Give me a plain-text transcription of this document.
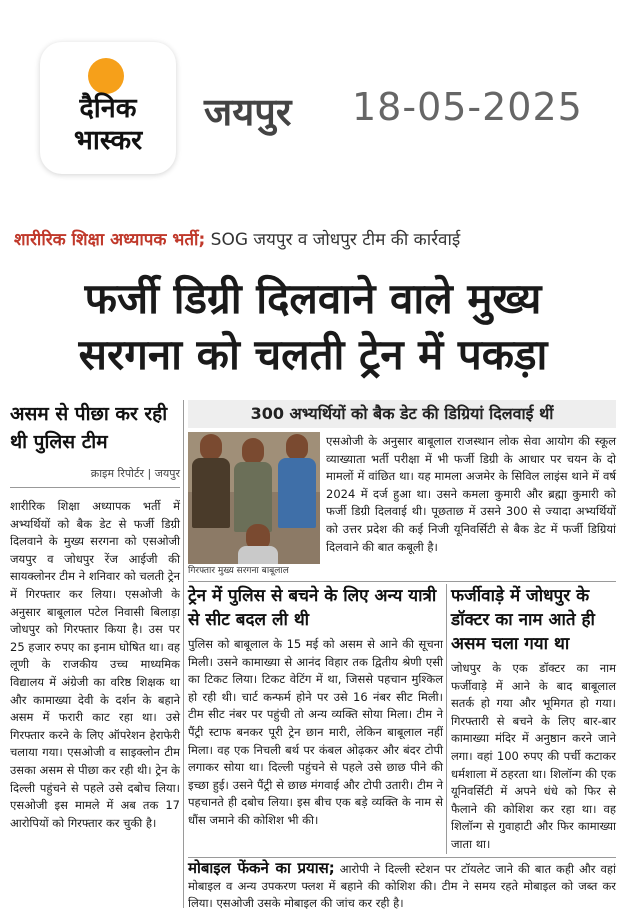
दैनिक
भास्कर
जयपुर 18-05-2025
शारीरिक शिक्षा अध्यापक भर्ती; SOG जयपुर व जोधपुर टीम की कार्रवाई
फर्जी डिग्री दिलवाने वाले मुख्य
सरगना को चलती ट्रेन में पकड़ा
असम से पीछा कर रही थी पुलिस टीम
क्राइम रिपोर्टर | जयपुर
शारीरिक शिक्षा अध्यापक भर्ती में अभ्यर्थियों को बैक डेट से फर्जी डिग्री दिलवाने के मुख्य सरगना को एसओजी जयपुर व जोधपुर रेंज आईजी की सायक्लोनर टीम ने शनिवार को चलती ट्रेन में गिरफ्तार कर लिया। एसओजी के अनुसार बाबूलाल पटेल निवासी बिलाड़ा जोधपुर को गिरफ्तार किया है। उस पर 25 हजार रुपए का इनाम घोषित था। वह लूणी के राजकीय उच्च माध्यमिक विद्यालय में अंग्रेजी का वरिष्ठ शिक्षक था और कामाख्या देवी के दर्शन के बहाने असम में फरारी काट रहा था। उसे गिरफ्तार करने के लिए ऑपरेशन हेराफेरी चलाया गया। एसओजी व साइक्लोन टीम उसका असम से पीछा कर रही थी। ट्रेन के दिल्ली पहुंचने से पहले उसे दबोच लिया। एसओजी इस मामले में अब तक 17 आरोपियों को गिरफ्तार कर चुकी है।
300 अभ्यर्थियों को बैक डेट की डिग्रियां दिलवाई थीं
गिरफ्तार मुख्य सरगना बाबूलाल
एसओजी के अनुसार बाबूलाल राजस्थान लोक सेवा आयोग की स्कूल व्याख्याता भर्ती परीक्षा में भी फर्जी डिग्री के आधार पर चयन के दो मामलों में वांछित था। यह मामला अजमेर के सिविल लाइंस थाने में वर्ष 2024 में दर्ज हुआ था। उसने कमला कुमारी और ब्रह्मा कुमारी को फर्जी डिग्री दिलवाई थी। पूछताछ में उसने 300 से ज्यादा अभ्यर्थियों को उत्तर प्रदेश की कई निजी यूनिवर्सिटी से बैक डेट में फर्जी डिग्रियां दिलवाने की बात कबूली है।
ट्रेन में पुलिस से बचने के लिए अन्य यात्री से सीट बदल ली थी
पुलिस को बाबूलाल के 15 मई को असम से आने की सूचना मिली। उसने कामाख्या से आनंद विहार तक द्वितीय श्रेणी एसी का टिकट लिया। टिकट वेटिंग में था, जिससे पहचान मुश्किल हो रही थी। चार्ट कन्फर्म होने पर उसे 16 नंबर सीट मिली। टीम सीट नंबर पर पहुंची तो अन्य व्यक्ति सोया मिला। टीम ने पैंट्री स्टाफ बनकर पूरी ट्रेन छान मारी, लेकिन बाबूलाल नहीं मिला। वह एक निचली बर्थ पर कंबल ओढ़कर और बंदर टोपी लगाकर सोया था। दिल्ली पहुंचने से पहले उसे छाछ पीने की इच्छा हुई। उसने पैंट्री से छाछ मंगवाई और टोपी उतारी। टीम ने पहचानते ही दबोच लिया। इस बीच एक बड़े व्यक्ति के नाम से धौंस जमाने की कोशिश भी की।
फर्जीवाड़े में जोधपुर के डॉक्टर का नाम आते ही असम चला गया था
जोधपुर के एक डॉक्टर का नाम फर्जीवाड़े में आने के बाद बाबूलाल सतर्क हो गया और भूमिगत हो गया। गिरफ्तारी से बचने के लिए बार-बार कामाख्या मंदिर में अनुष्ठान करने जाने लगा। वहां 100 रुपए की पर्ची कटाकर धर्मशाला में ठहरता था। शिलॉन्ग की एक यूनिवर्सिटी में अपने धंधे को फिर से फैलाने की कोशिश कर रहा था। वह शिलॉन्ग से गुवाहाटी और फिर कामाख्या जाता था।
मोबाइल फेंकने का प्रयास; आरोपी ने दिल्ली स्टेशन पर टॉयलेट जाने की बात कही और वहां मोबाइल व अन्य उपकरण फ्लश में बहाने की कोशिश की। टीम ने समय रहते मोबाइल को जब्त कर लिया। एसओजी उसके मोबाइल की जांच कर रही है।
